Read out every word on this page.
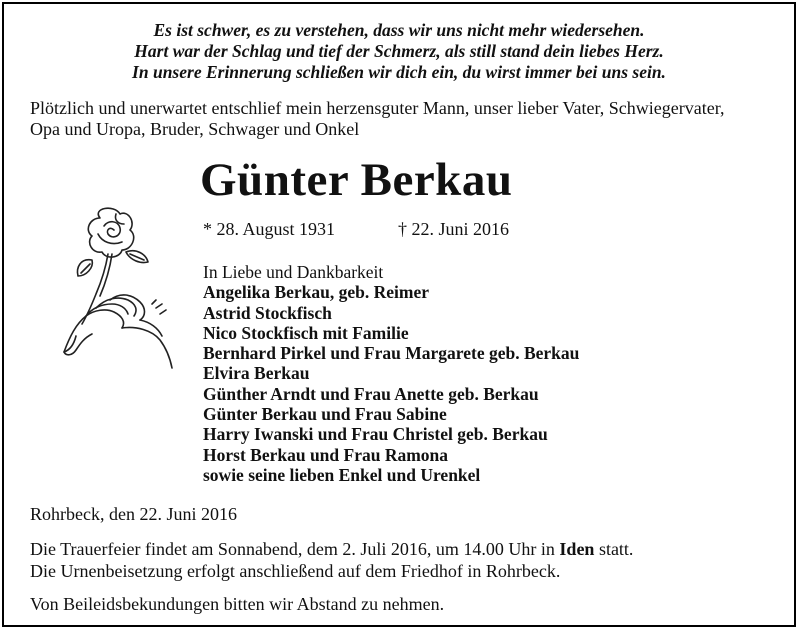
Es ist schwer, es zu verstehen, dass wir uns nicht mehr wiedersehen.
Hart war der Schlag und tief der Schmerz, als still stand dein liebes Herz.
In unsere Erinnerung schließen wir dich ein, du wirst immer bei uns sein.
Plötzlich und unerwartet entschlief mein herzensguter Mann, unser lieber Vater, Schwiegervater,
Opa und Uropa, Bruder, Schwager und Onkel
Günter Berkau
* 28. August 1931	† 22. Juni 2016
In Liebe und Dankbarkeit
Angelika Berkau, geb. Reimer
Astrid Stockfisch
Nico Stockfisch mit Familie
Bernhard Pirkel und Frau Margarete geb. Berkau
Elvira Berkau
Günther Arndt und Frau Anette geb. Berkau
Günter Berkau und Frau Sabine
Harry Iwanski und Frau Christel geb. Berkau
Horst Berkau und Frau Ramona
sowie seine lieben Enkel und Urenkel
Rohrbeck, den 22. Juni 2016
Die Trauerfeier findet am Sonnabend, dem 2. Juli 2016, um 14.00 Uhr in Iden statt.
Die Urnenbeisetzung erfolgt anschließend auf dem Friedhof in Rohrbeck.
Von Beileidsbekundungen bitten wir Abstand zu nehmen.
